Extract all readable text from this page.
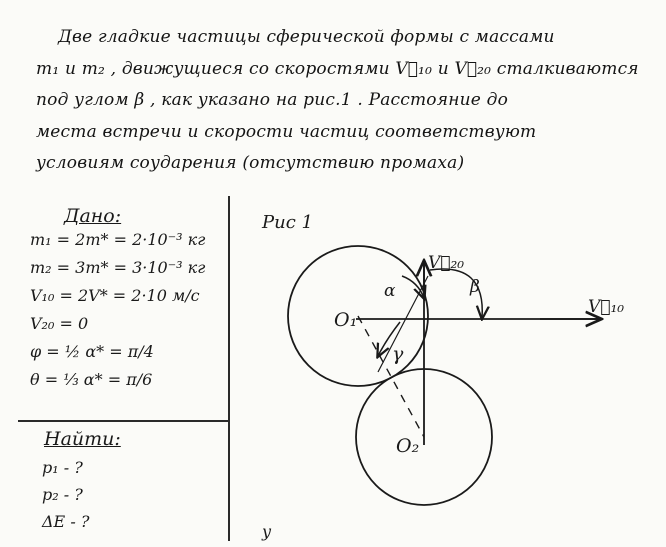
Две гладкие частицы сферической формы с массами
m₁ и m₂ , движущиеся со скоростями V⃗₁₀ и V⃗₂₀ сталкиваются
под углом β , как указано на рис.1 . Расстояние до
места встречи и скорости частиц соответствуют
условиям соударения (отсутствию промаха)
Дано:
m₁ = 2m* = 2·10⁻³ кг
m₂ = 3m* = 3·10⁻³ кг
V₁₀ = 2V* = 2·10 м/с
V₂₀ = 0
φ = ½ α* = π/4
θ = ⅓ α* = π/6
Найти:
p₁ - ?
p₂ - ?
ΔE - ?
Рис 1
O₁
O₂
α	β
γ
V⃗₁₀
V⃗₂₀
y
